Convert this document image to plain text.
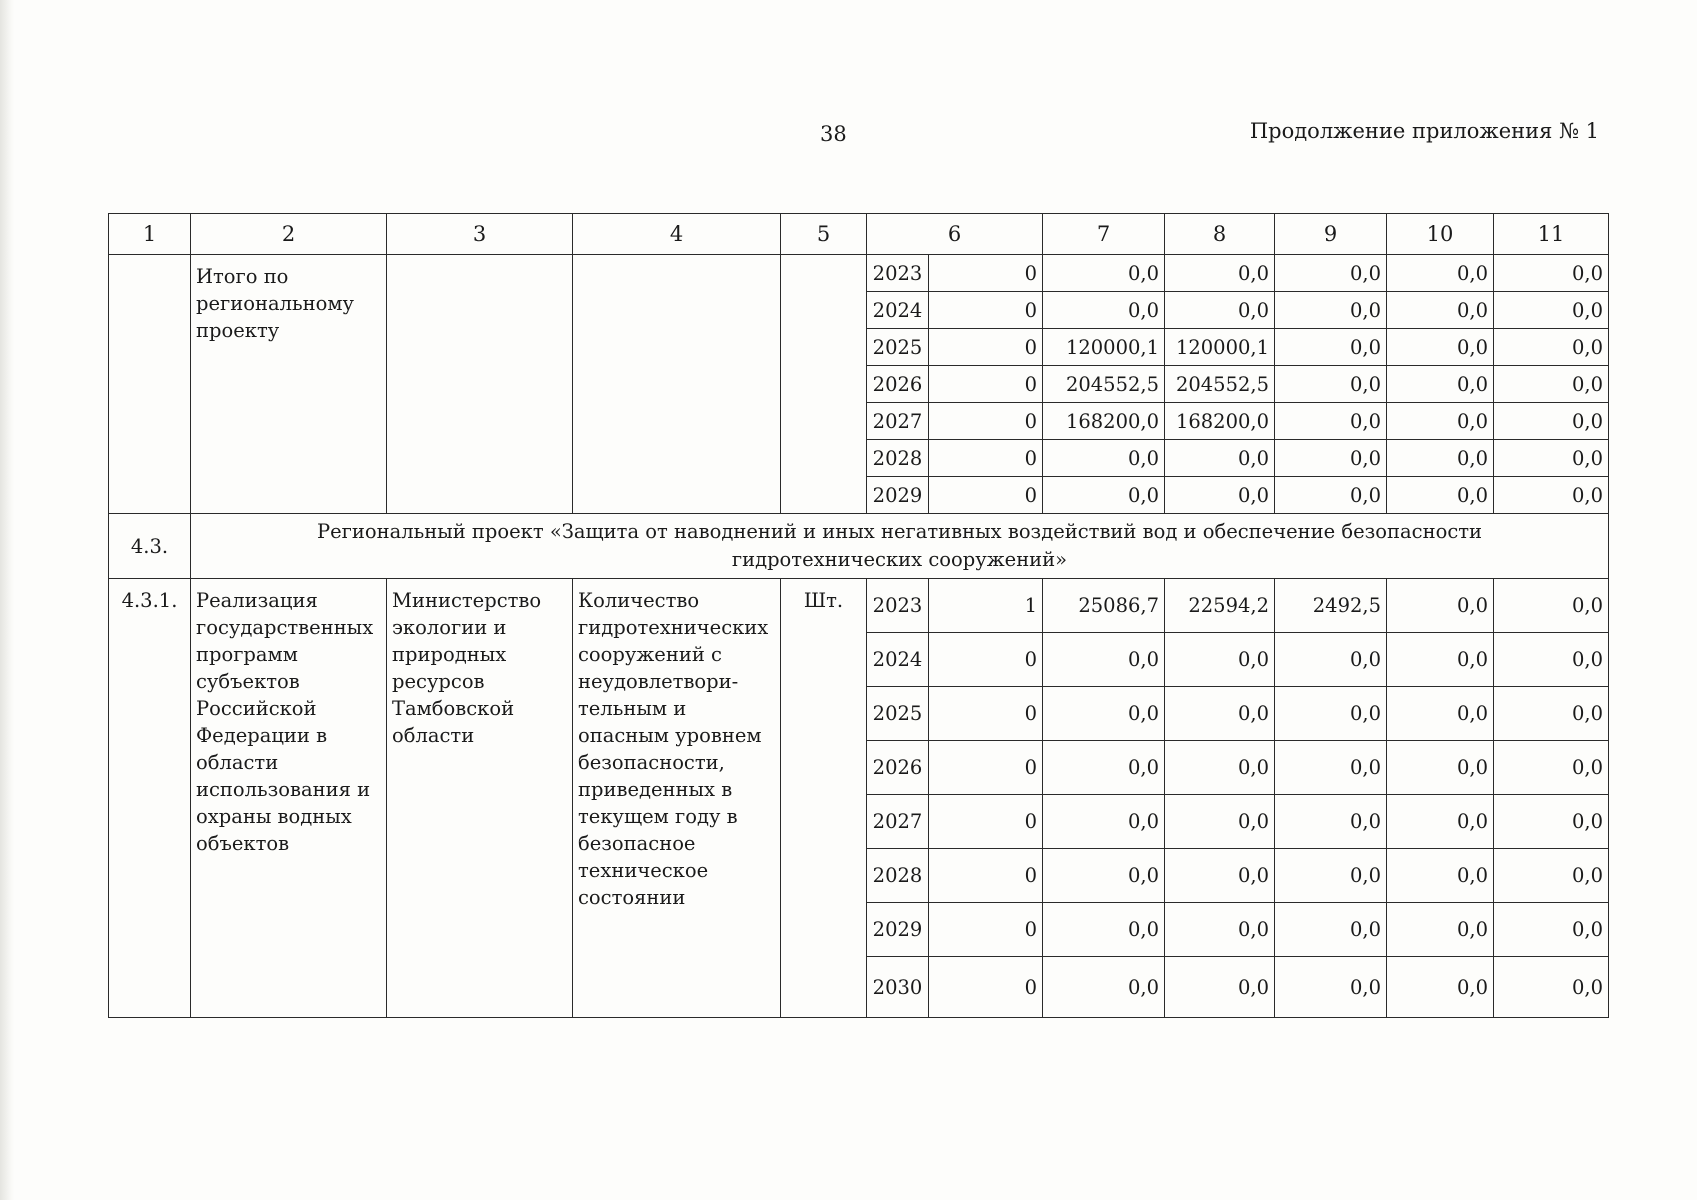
38	Продолжение приложения № 1
1	2	3	4	5	6		7	8	9	10	11
	Итого по региональному проекту				2023	0	0,0	0,0	0,0	0,0	0,0
					2024	0	0,0	0,0	0,0	0,0	0,0
					2025	0	120000,1	120000,1	0,0	0,0	0,0
					2026	0	204552,5	204552,5	0,0	0,0	0,0
					2027	0	168200,0	168200,0	0,0	0,0	0,0
					2028	0	0,0	0,0	0,0	0,0	0,0
					2029	0	0,0	0,0	0,0	0,0	0,0
4.3.	Региональный проект «Защита от наводнений и иных негативных воздействий вод и обеспечение безопасности гидротехнических сооружений»										
4.3.1.	Реализация государственных программ субъектов Российской Федерации в области использования и охраны водных объектов	Министерство экологии и природных ресурсов Тамбовской области	Количество гидротехнических сооружений с неудовлетвори-тельным и опасным уровнем безопасности, приведенных в текущем году в безопасное техническое состоянии	Шт.	2023	1	25086,7	22594,2	2492,5	0,0	0,0
					2024	0	0,0	0,0	0,0	0,0	0,0
					2025	0	0,0	0,0	0,0	0,0	0,0
					2026	0	0,0	0,0	0,0	0,0	0,0
					2027	0	0,0	0,0	0,0	0,0	0,0
					2028	0	0,0	0,0	0,0	0,0	0,0
					2029	0	0,0	0,0	0,0	0,0	0,0
					2030	0	0,0	0,0	0,0	0,0	0,0
